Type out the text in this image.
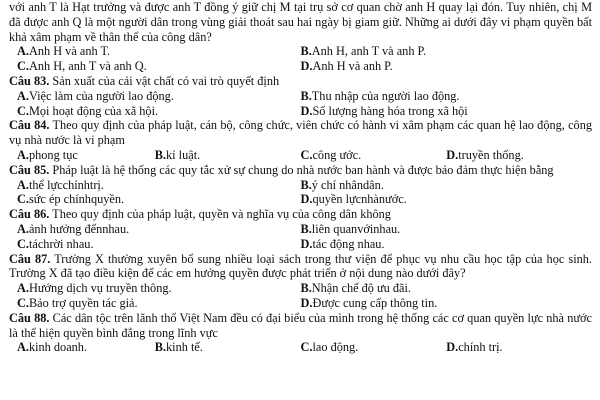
với anh T là Hạt trưởng và được anh T đồng ý giữ chị M tại trụ sở cơ quan chờ anh H quay lại đón. Tuy nhiên, chị M đã được anh Q là một người dân trong vùng giải thoát sau hai ngày bị giam giữ. Những ai dưới đây vi phạm quyền bất khả xâm phạm về thân thể của công dân?

A.Anh H và anh T.	B.Anh H, anh T và anh P.
C.Anh H, anh T và anh Q.	D.Anh H và anh P.

Câu 83. Sản xuất của cải vật chất có vai trò quyết định

A.Việc làm của người lao động.	B.Thu nhập của người lao động.
C.Mọi hoạt động của xã hội.	D.Số lượng hàng hóa trong xã hội

Câu 84. Theo quy định của pháp luật, cán bộ, công chức, viên chức có hành vi xâm phạm các quan hệ lao động, công vụ nhà nước là vi phạm

A.phong tục	B.kỉ luật.	C.công ước.	D.truyền thống.

Câu 85. Pháp luật là hệ thống các quy tắc xử sự chung do nhà nước ban hành và được bảo đảm thực hiện bằng

A.thể lựcchínhtrị.	B.ý chí nhândân.
C.sức ép chínhquyền.	D.quyền lựcnhànước.

Câu 86. Theo quy định của pháp luật, quyền và nghĩa vụ của công dân không

A.ảnh hưởng đếnnhau.	B.liên quanvớinhau.
C.táchrời nhau.	D.tác động nhau.

Câu 87. Trường X thường xuyên bổ sung nhiều loại sách trong thư viện để phục vụ nhu cầu học tập của học sinh. Trường X đã tạo điều kiện để các em hưởng quyền được phát triển ở nội dung nào dưới đây?

A.Hướng dịch vụ truyền thông.	B.Nhận chế độ ưu đãi.
C.Bảo trợ quyền tác giả.	D.Được cung cấp thông tin.

Câu 88. Các dân tộc trên lãnh thổ Việt Nam đều có đại biểu của mình trong hệ thống các cơ quan quyền lực nhà nước là thể hiện quyền bình đẳng trong lĩnh vực

A.kinh doanh.	B.kinh tế.	C.lao động.	D.chính trị.
